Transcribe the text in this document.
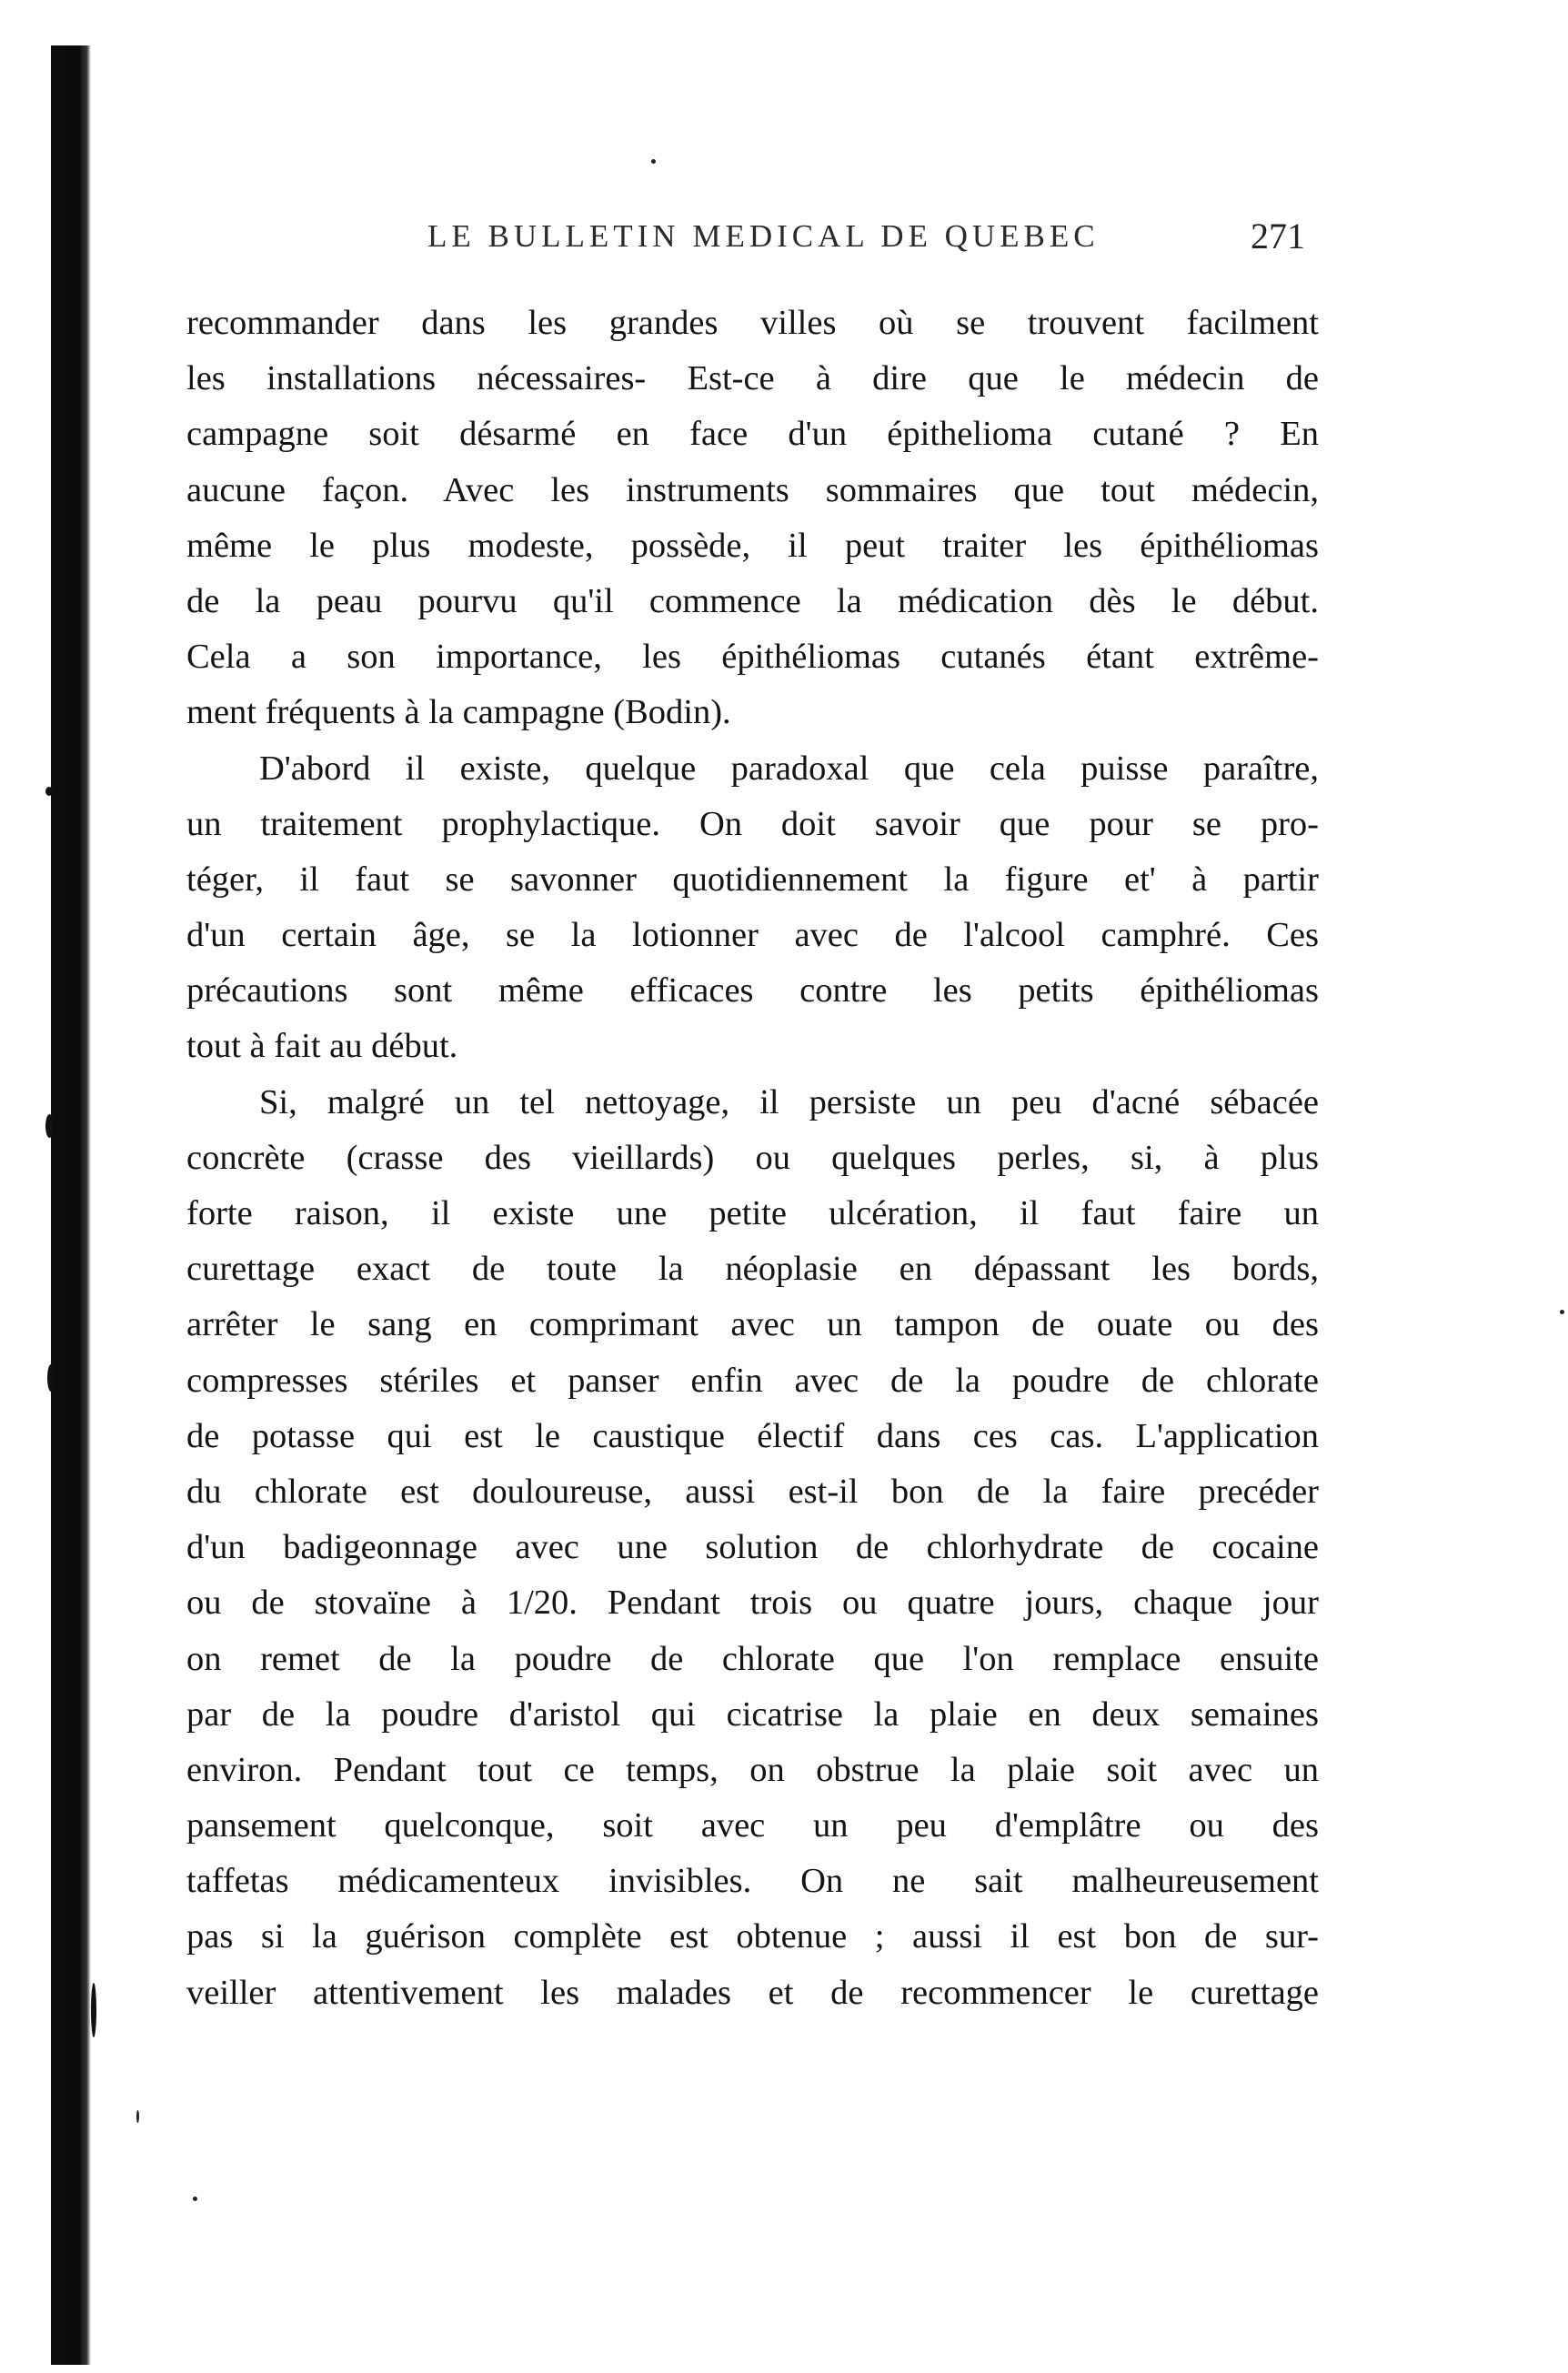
LE BULLETIN MEDICAL DE QUEBEC	271
recommander dans les grandes villes où se trouvent facilment
les installations nécessaires- Est-ce à dire que le médecin de
campagne soit désarmé en face d'un épithelioma cutané ? En
aucune façon. Avec les instruments sommaires que tout médecin,
même le plus modeste, possède, il peut traiter les épithéliomas
de la peau pourvu qu'il commence la médication dès le début.
Cela a son importance, les épithéliomas cutanés étant extrême-
ment fréquents à la campagne (Bodin).
D'abord il existe, quelque paradoxal que cela puisse paraître,
un traitement prophylactique. On doit savoir que pour se pro-
téger, il faut se savonner quotidiennement la figure et' à partir
d'un certain âge, se la lotionner avec de l'alcool camphré. Ces
précautions sont même efficaces contre les petits épithéliomas
tout à fait au début.
Si, malgré un tel nettoyage, il persiste un peu d'acné sébacée
concrète (crasse des vieillards) ou quelques perles, si, à plus
forte raison, il existe une petite ulcération, il faut faire un
curettage exact de toute la néoplasie en dépassant les bords,
arrêter le sang en comprimant avec un tampon de ouate ou des
compresses stériles et panser enfin avec de la poudre de chlorate
de potasse qui est le caustique électif dans ces cas. L'application
du chlorate est douloureuse, aussi est-il bon de la faire precéder
d'un badigeonnage avec une solution de chlorhydrate de cocaine
ou de stovaïne à 1/20. Pendant trois ou quatre jours, chaque jour
on remet de la poudre de chlorate que l'on remplace ensuite
par de la poudre d'aristol qui cicatrise la plaie en deux semaines
environ. Pendant tout ce temps, on obstrue la plaie soit avec un
pansement quelconque, soit avec un peu d'emplâtre ou des
taffetas médicamenteux invisibles. On ne sait malheureusement
pas si la guérison complète est obtenue ; aussi il est bon de sur-
veiller attentivement les malades et de recommencer le curettage
